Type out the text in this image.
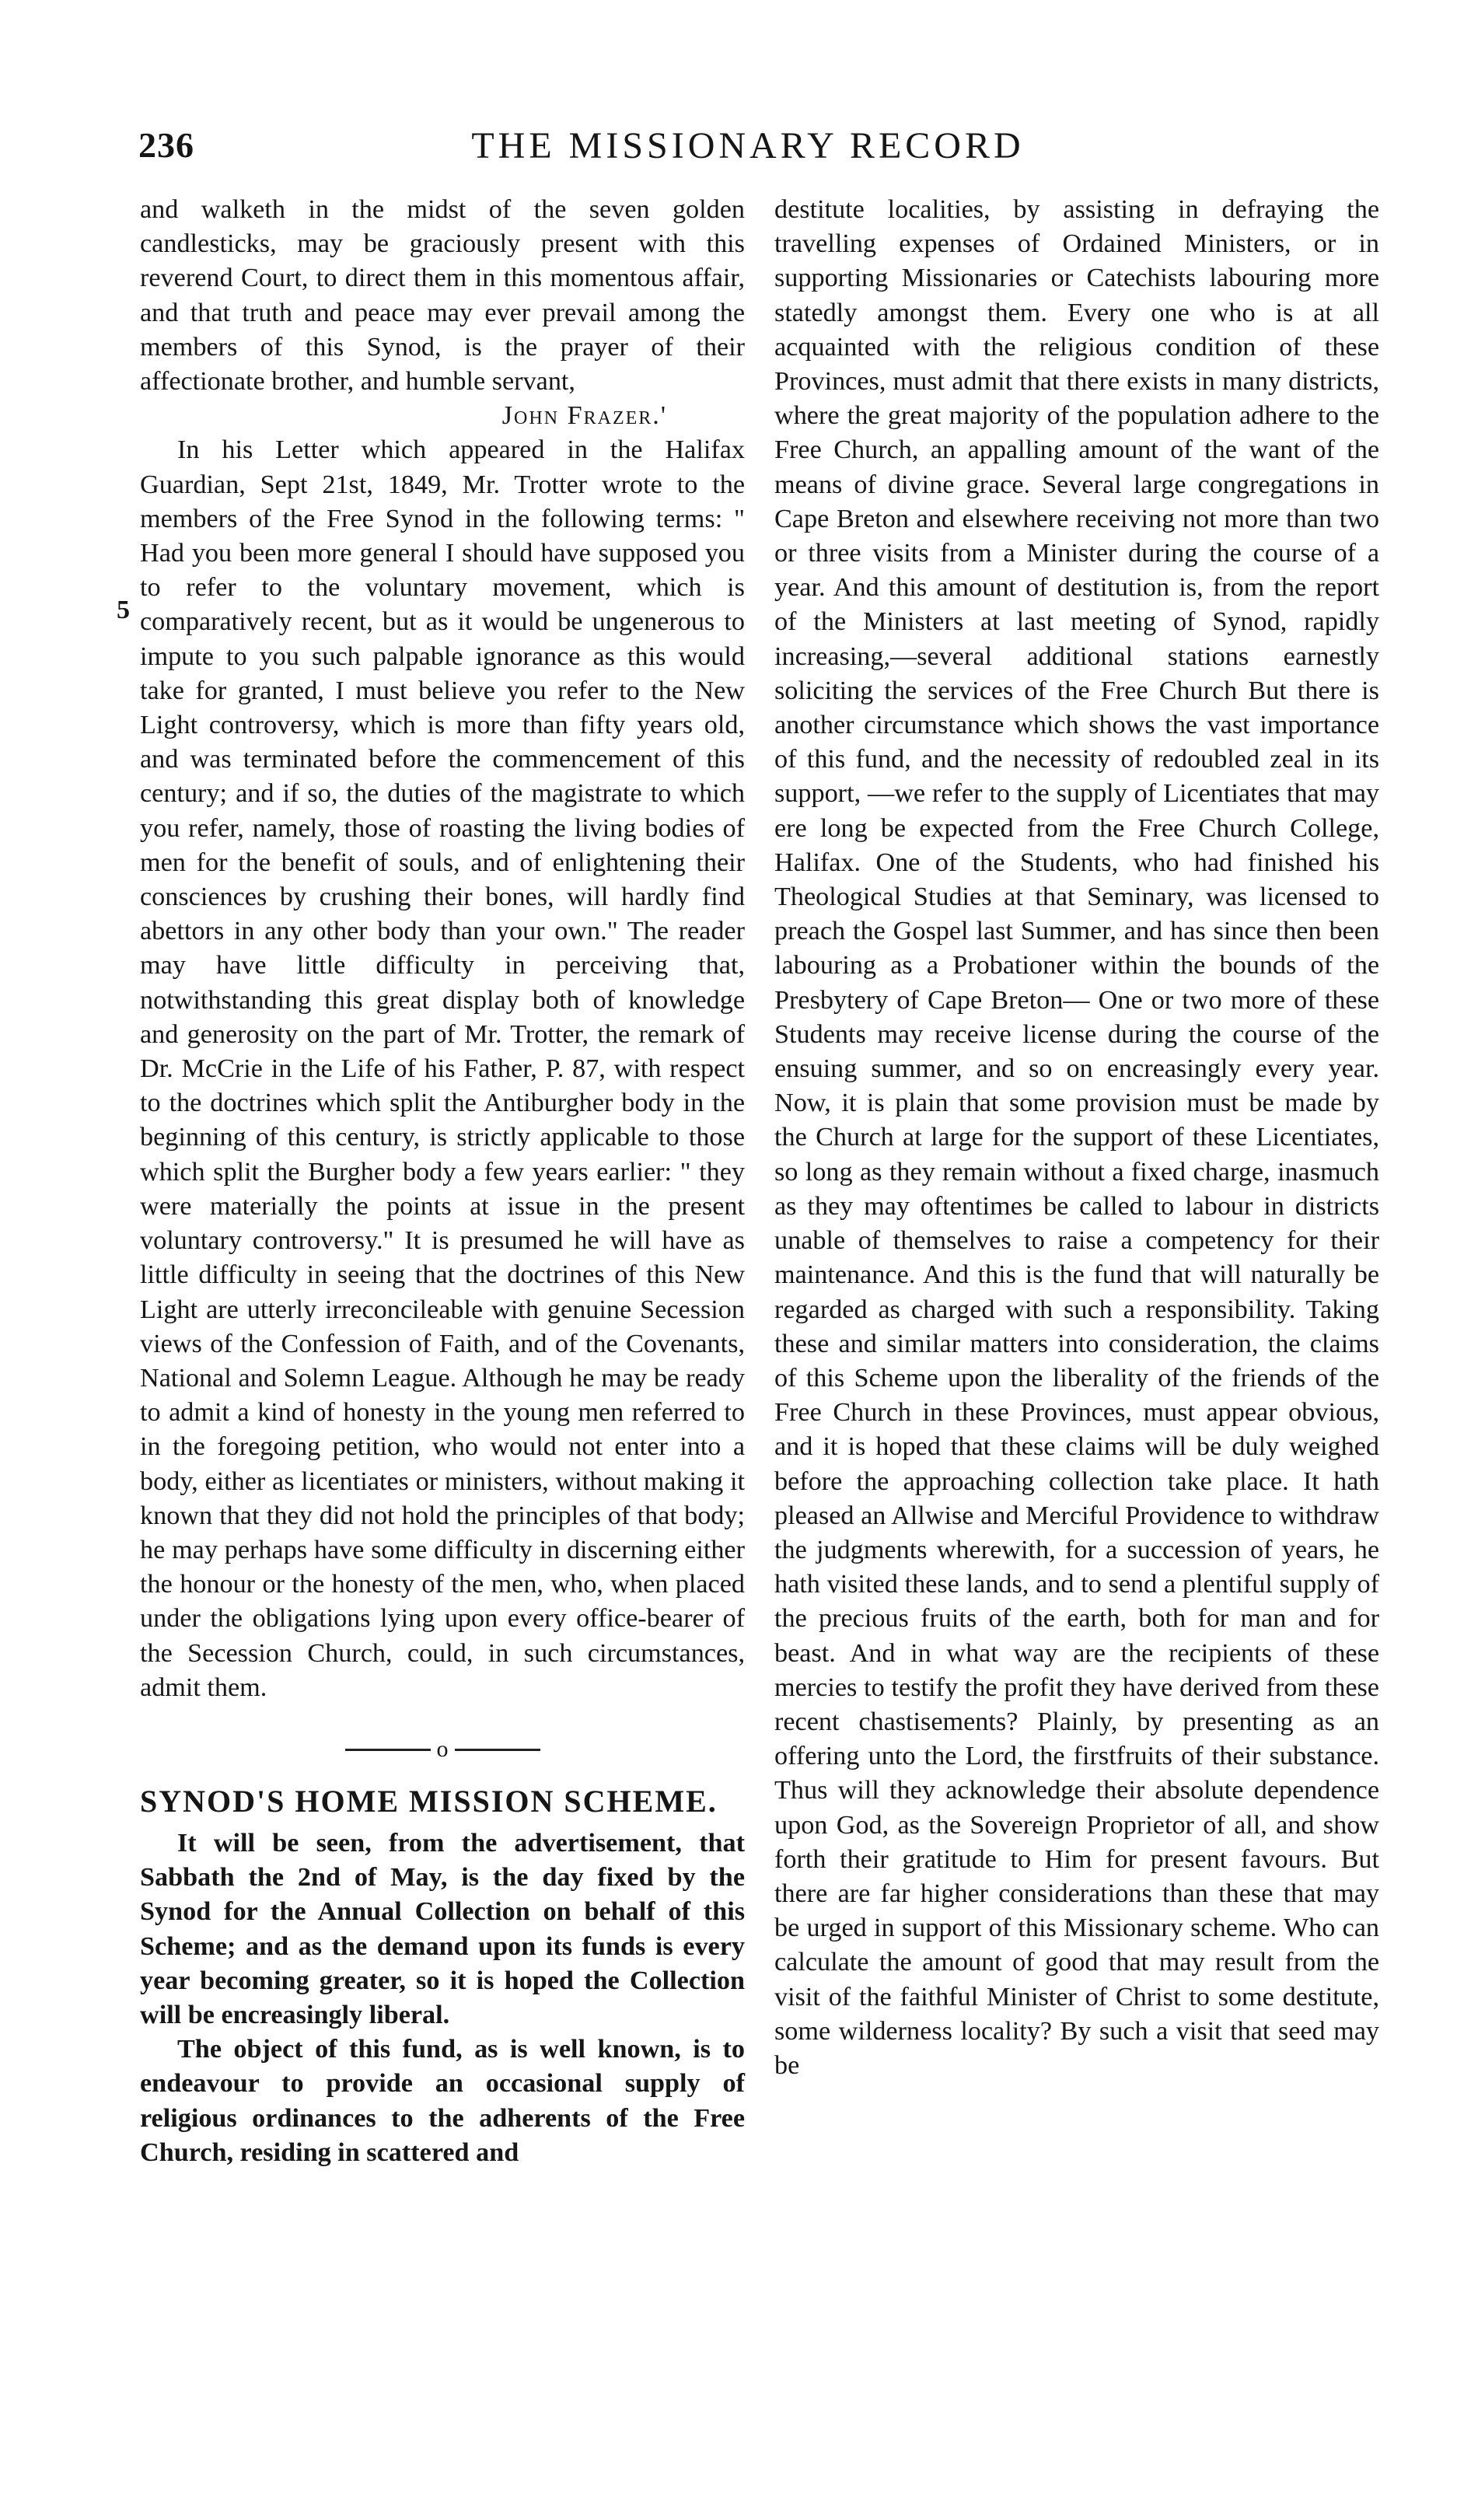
236	THE MISSIONARY RECORD
5

and walketh in the midst of the seven golden candlesticks, may be graciously present with this reverend Court, to direct them in this momentous affair, and that truth and peace may ever prevail among the members of this Synod, is the prayer of their affectionate brother, and humble servant,

John Frazer.'

In his Letter which appeared in the Halifax Guardian, Sept 21st, 1849, Mr. Trotter wrote to the members of the Free Synod in the following terms: " Had you been more general I should have supposed you to refer to the voluntary movement, which is comparatively recent, but as it would be ungenerous to impute to you such palpable ignorance as this would take for granted, I must believe you refer to the New Light controversy, which is more than fifty years old, and was terminated before the commencement of this century; and if so, the duties of the magistrate to which you refer, namely, those of roasting the living bodies of men for the benefit of souls, and of enlightening their consciences by crushing their bones, will hardly find abettors in any other body than your own." The reader may have little difficulty in perceiving that, notwithstanding this great display both of knowledge and generosity on the part of Mr. Trotter, the remark of Dr. McCrie in the Life of his Father, P. 87, with respect to the doctrines which split the Antiburgher body in the beginning of this century, is strictly applicable to those which split the Burgher body a few years earlier: " they were materially the points at issue in the present voluntary controversy." It is presumed he will have as little difficulty in seeing that the doctrines of this New Light are utterly irreconcileable with genuine Secession views of the Confession of Faith, and of the Covenants, National and Solemn League. Although he may be ready to admit a kind of honesty in the young men referred to in the foregoing petition, who would not enter into a body, either as licentiates or ministers, without making it known that they did not hold the principles of that body; he may perhaps have some difficulty in discerning either the honour or the honesty of the men, who, when placed under the obligations lying upon every office-bearer of the Secession Church, could, in such circumstances, admit them.

o
SYNOD'S HOME MISSION SCHEME.

It will be seen, from the advertisement, that Sabbath the 2nd of May, is the day fixed by the Synod for the Annual Collection on behalf of this Scheme; and as the demand upon its funds is every year becoming greater, so it is hoped the Collection will be encreasingly liberal.

The object of this fund, as is well known, is to endeavour to provide an occasional supply of religious ordinances to the adherents of the Free Church, residing in scattered and

destitute localities, by assisting in defraying the travelling expenses of Ordained Ministers, or in supporting Missionaries or Catechists labouring more statedly amongst them. Every one who is at all acquainted with the religious condition of these Provinces, must admit that there exists in many districts, where the great majority of the population adhere to the Free Church, an appalling amount of the want of the means of divine grace. Several large congregations in Cape Breton and elsewhere receiving not more than two or three visits from a Minister during the course of a year. And this amount of destitution is, from the report of the Ministers at last meeting of Synod, rapidly increasing,—several additional stations earnestly soliciting the services of the Free Church But there is another circumstance which shows the vast importance of this fund, and the necessity of redoubled zeal in its support, —we refer to the supply of Licentiates that may ere long be expected from the Free Church College, Halifax. One of the Students, who had finished his Theological Studies at that Seminary, was licensed to preach the Gospel last Summer, and has since then been labouring as a Probationer within the bounds of the Presbytery of Cape Breton— One or two more of these Students may receive license during the course of the ensuing summer, and so on encreasingly every year. Now, it is plain that some provision must be made by the Church at large for the support of these Licentiates, so long as they remain without a fixed charge, inasmuch as they may oftentimes be called to labour in districts unable of themselves to raise a competency for their maintenance. And this is the fund that will naturally be regarded as charged with such a responsibility. Taking these and similar matters into consideration, the claims of this Scheme upon the liberality of the friends of the Free Church in these Provinces, must appear obvious, and it is hoped that these claims will be duly weighed before the approaching collection take place. It hath pleased an Allwise and Merciful Providence to withdraw the judgments wherewith, for a succession of years, he hath visited these lands, and to send a plentiful supply of the precious fruits of the earth, both for man and for beast. And in what way are the recipients of these mercies to testify the profit they have derived from these recent chastisements? Plainly, by presenting as an offering unto the Lord, the firstfruits of their substance. Thus will they acknowledge their absolute dependence upon God, as the Sovereign Proprietor of all, and show forth their gratitude to Him for present favours. But there are far higher considerations than these that may be urged in support of this Missionary scheme. Who can calculate the amount of good that may result from the visit of the faithful Minister of Christ to some destitute, some wilderness locality? By such a visit that seed may be
